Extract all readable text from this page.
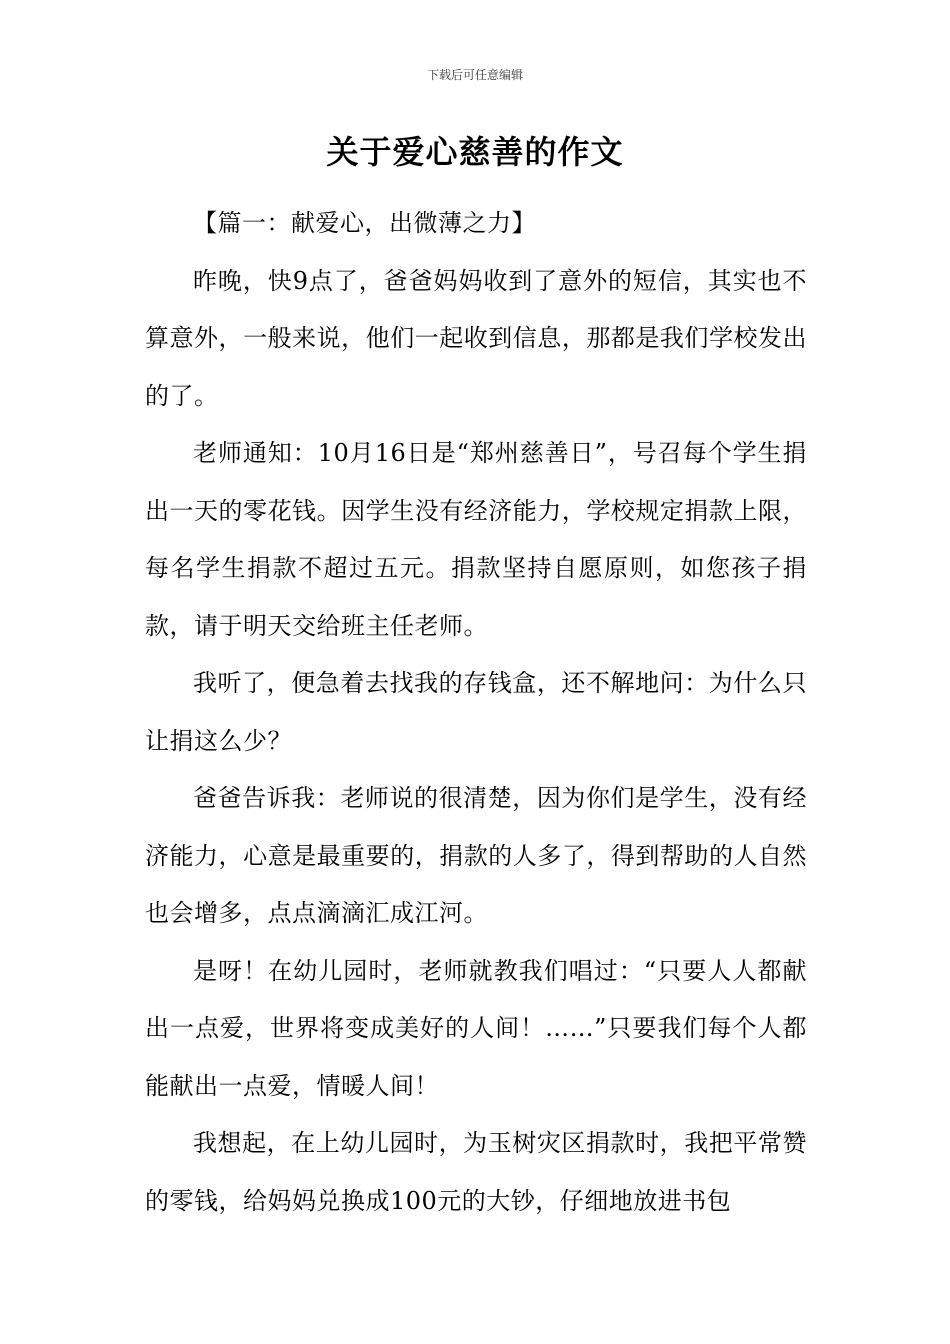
下载后可任意编辑
关于爱心慈善的作文

【篇一：献爱心，出微薄之力】

昨晚，快9点了，爸爸妈妈收到了意外的短信，其实也不算意外，一般来说，他们一起收到信息，那都是我们学校发出的了。

老师通知：10月16日是“郑州慈善日”，号召每个学生捐出一天的零花钱。因学生没有经济能力，学校规定捐款上限，每名学生捐款不超过五元。捐款坚持自愿原则，如您孩子捐款，请于明天交给班主任老师。

我听了，便急着去找我的存钱盒，还不解地问：为什么只让捐这么少？

爸爸告诉我：老师说的很清楚，因为你们是学生，没有经济能力，心意是最重要的，捐款的人多了，得到帮助的人自然也会增多，点点滴滴汇成江河。

是呀！在幼儿园时，老师就教我们唱过：“只要人人都献出一点爱，世界将变成美好的人间！……”只要我们每个人都能献出一点爱，情暖人间！

我想起，在上幼儿园时，为玉树灾区捐款时，我把平常赞的零钱，给妈妈兑换成100元的大钞，仔细地放进书包
